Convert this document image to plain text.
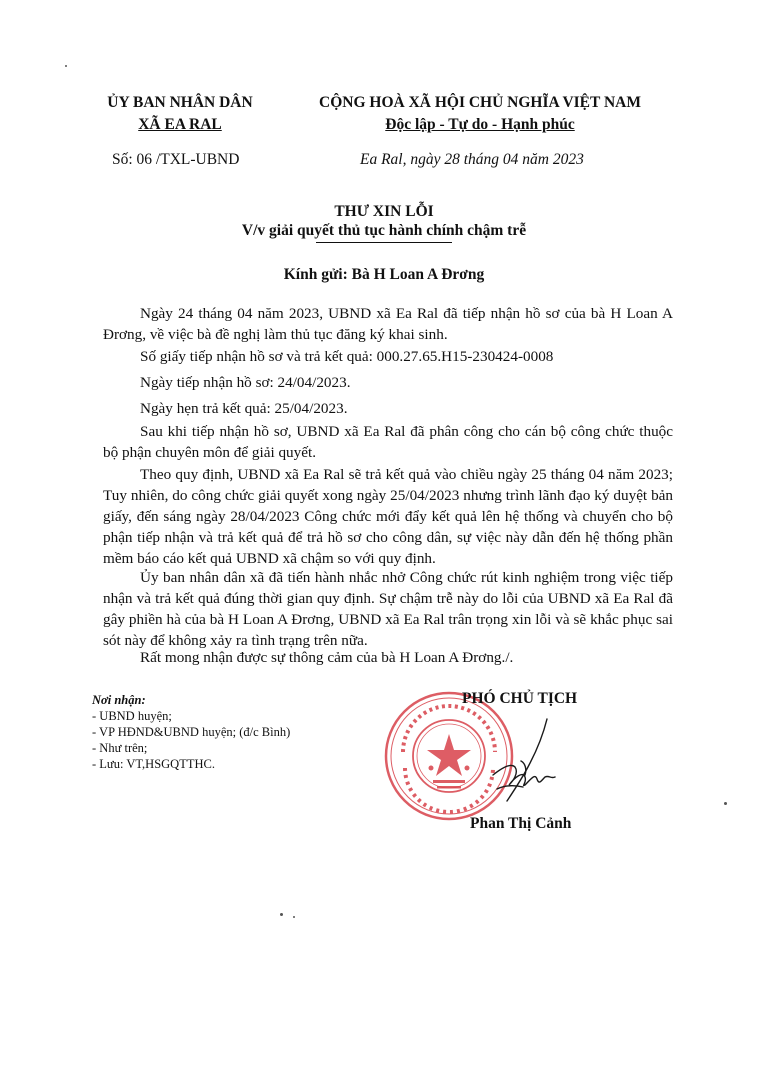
ỦY BAN NHÂN DÂN
XÃ EA RAL
CỘNG HOÀ XÃ HỘI CHỦ NGHĨA VIỆT NAM
Độc lập - Tự do - Hạnh phúc
Số: 06 /TXL-UBND	Ea Ral, ngày 28 tháng 04 năm 2023
THƯ XIN LỖI
V/v giải quyết thủ tục hành chính chậm trễ
Kính gửi: Bà H Loan A Đrơng
Ngày 24 tháng 04 năm 2023, UBND xã Ea Ral đã tiếp nhận hồ sơ của bà H Loan A Đrơng, về việc bà đề nghị làm thủ tục đăng ký khai sinh.
Số giấy tiếp nhận hồ sơ và trả kết quả: 000.27.65.H15-230424-0008
Ngày tiếp nhận hồ sơ: 24/04/2023.
Ngày hẹn trả kết quả: 25/04/2023.
Sau khi tiếp nhận hồ sơ, UBND xã Ea Ral đã phân công cho cán bộ công chức thuộc bộ phận chuyên môn để giải quyết.
Theo quy định, UBND xã Ea Ral sẽ trả kết quả vào chiều ngày 25 tháng 04 năm 2023; Tuy nhiên, do công chức giải quyết xong ngày 25/04/2023 nhưng trình lãnh đạo ký duyệt bản giấy, đến sáng ngày 28/04/2023 Công chức mới đẩy kết quả lên hệ thống và chuyển cho bộ phận tiếp nhận và trả kết quả để trả hồ sơ cho công dân, sự việc này dẫn đến hệ thống phần mềm báo cáo kết quả UBND xã chậm so với quy định.
Ủy ban nhân dân xã đã tiến hành nhắc nhở Công chức rút kinh nghiệm trong việc tiếp nhận và trả kết quả đúng thời gian quy định. Sự chậm trễ này do lỗi của UBND xã Ea Ral đã gây phiền hà của bà H Loan A Đrơng, UBND xã Ea Ral trân trọng xin lỗi và sẽ khắc phục sai sót này để không xảy ra tình trạng trên nữa.
Rất mong nhận được sự thông cảm của bà H Loan A Đrơng./.
Nơi nhận:
- UBND huyện;
- VP HĐND&UBND huyện; (đ/c Bình)
- Như trên;
- Lưu: VT,HSGQTTHC.
PHÓ CHỦ TỊCH
Phan Thị Cảnh
